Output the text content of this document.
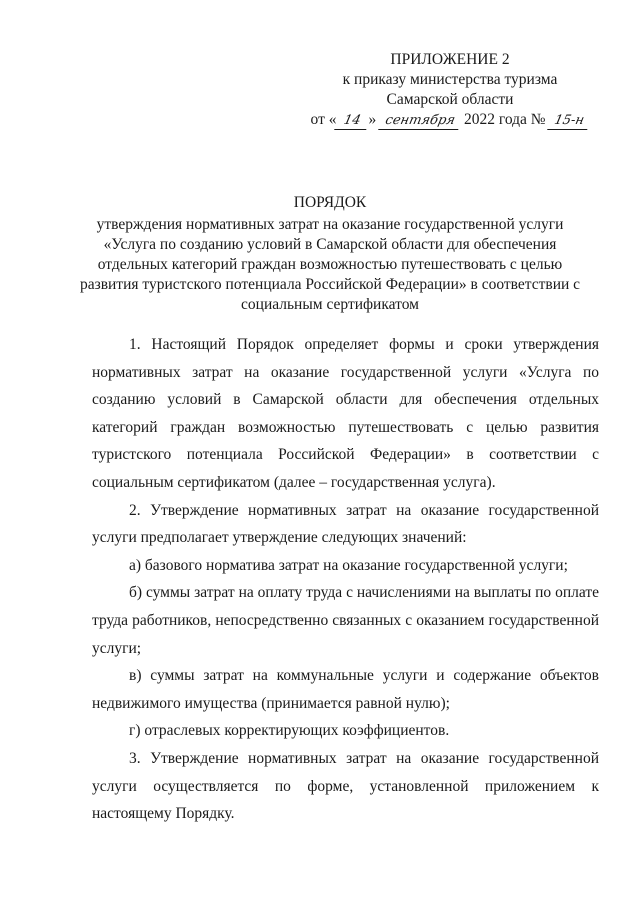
ПРИЛОЖЕНИЕ 2
к приказу министерства туризма
Самарской области
от « 14 » сентября 2022 года № 15-н
ПОРЯДОК
утверждения нормативных затрат на оказание государственной услуги
«Услуга по созданию условий в Самарской области для обеспечения
отдельных категорий граждан возможностью путешествовать с целью
развития туристского потенциала Российской Федерации» в соответствии с
социальным сертификатом

1. Настоящий Порядок определяет формы и сроки утверждения нормативных затрат на оказание государственной услуги «Услуга по созданию условий в Самарской области для обеспечения отдельных категорий граждан возможностью путешествовать с целью развития туристского потенциала Российской Федерации» в соответствии с социальным сертификатом (далее – государственная услуга).

2. Утверждение нормативных затрат на оказание государственной услуги предполагает утверждение следующих значений:

а) базового норматива затрат на оказание государственной услуги;

б) суммы затрат на оплату труда с начислениями на выплаты по оплате труда работников, непосредственно связанных с оказанием государственной услуги;

в) суммы затрат на коммунальные услуги и содержание объектов недвижимого имущества (принимается равной нулю);

г) отраслевых корректирующих коэффициентов.

3. Утверждение нормативных затрат на оказание государственной услуги осуществляется по форме, установленной приложением к настоящему Порядку.
